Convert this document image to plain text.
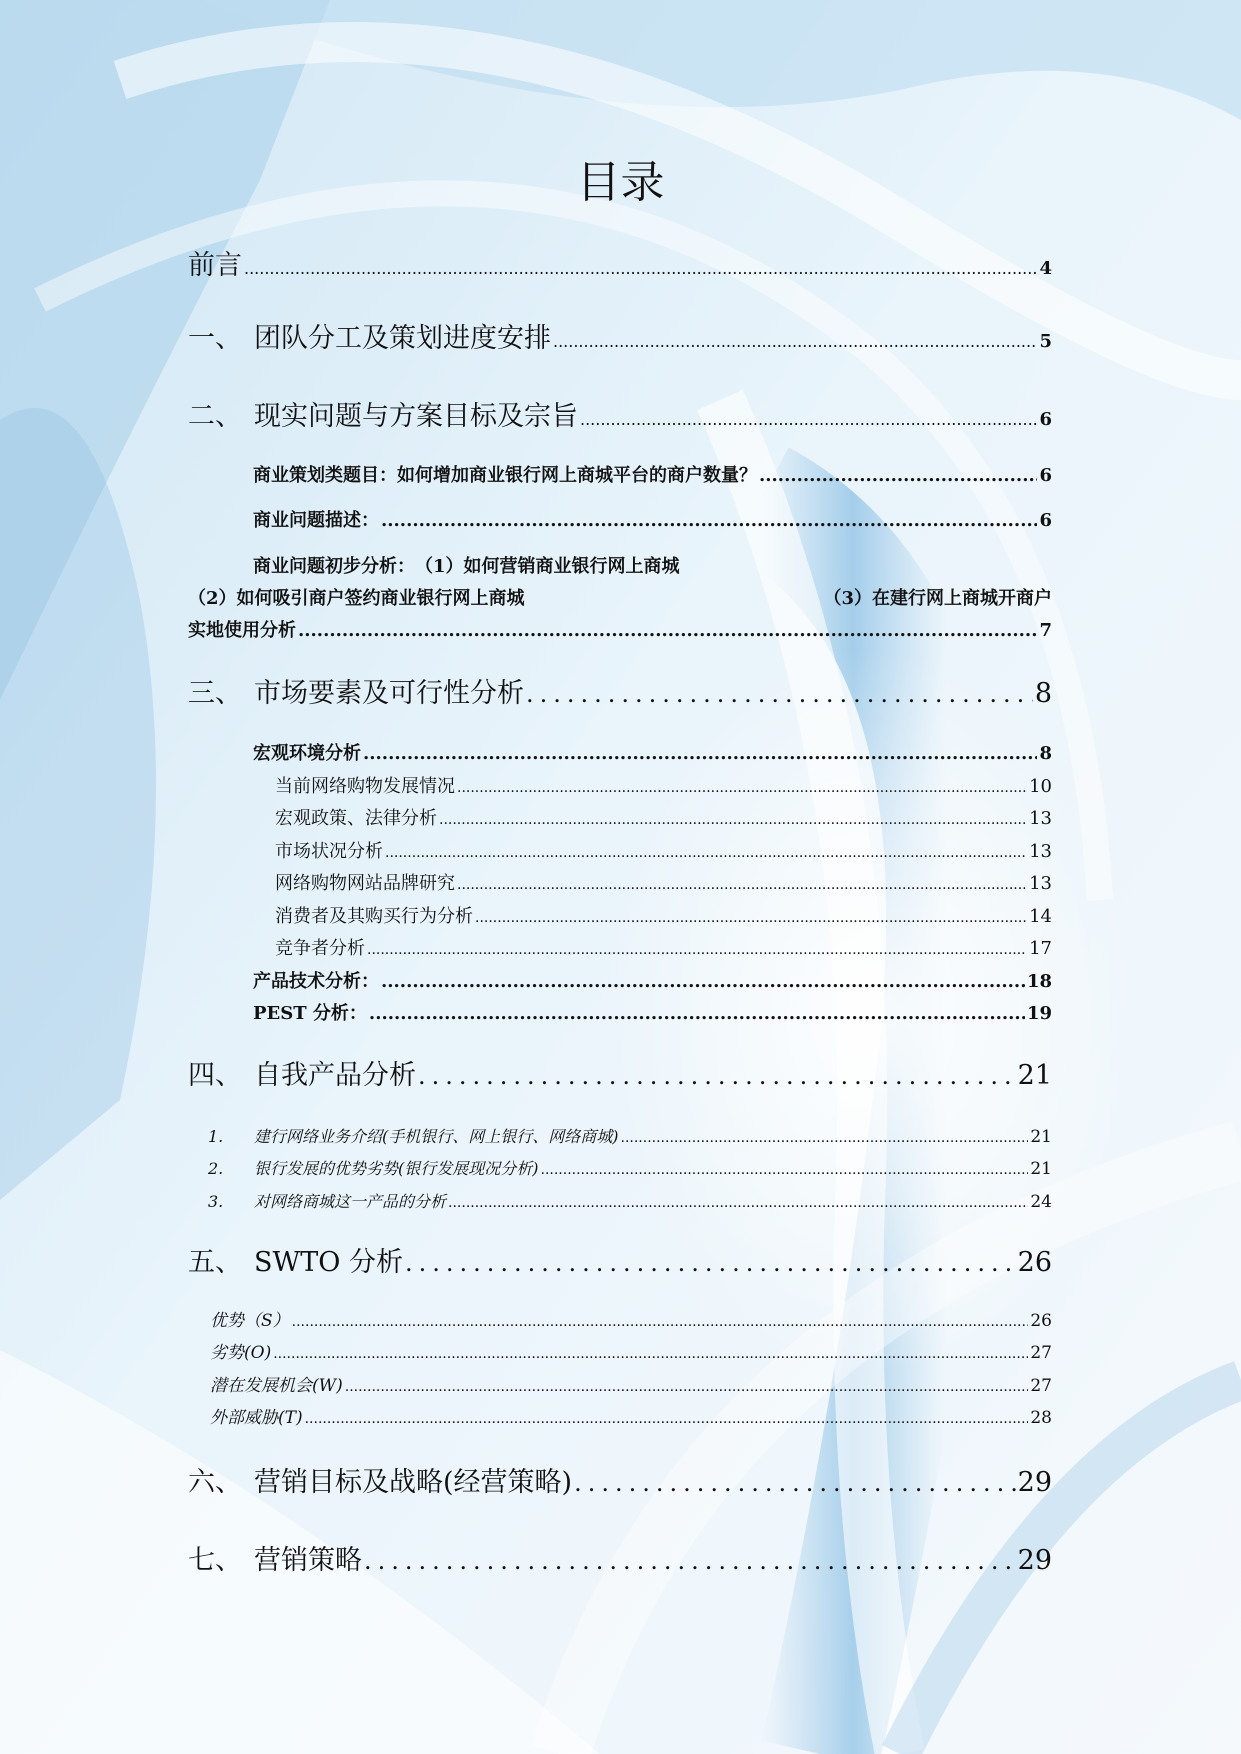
目录
前言 .....	4
一、 团队分工及策划进度安排 .....	5
二、 现实问题与方案目标及宗旨 .....	6
商业策划类题目：如何增加商业银行网上商城平台的商户数量？ .....	6
商业问题描述： .....	6
商业问题初步分析：　（1）如何营销商业银行网上商城
（2）如何吸引商户签约商业银行网上商城	（3）在建行网上商城开商户
实地使用分析 .....	7
三、 市场要素及可行性分析 .....	8
宏观环境分析 .....	8
当前网络购物发展情况 .....	10
宏观政策、法律分析 .....	13
市场状况分析 .....	13
网络购物网站品牌研究 .....	13
消费者及其购买行为分析 .....	14
竞争者分析 .....	17
产品技术分析： .....	18
PEST 分析： .....	19
四、 自我产品分析 .....	21
1. 建行网络业务介绍(手机银行、网上银行、网络商城) .....	21
2. 银行发展的优势劣势(银行发展现况分析) .....	21
3. 对网络商城这一产品的分析 .....	24
五、 SWTO 分析 .....	26
优势（S） .....	26
劣势(O) .....	27
潜在发展机会(W) .....	27
外部威胁(T) .....	28
六、 营销目标及战略(经营策略) .....	29
七、 营销策略 .....	29
